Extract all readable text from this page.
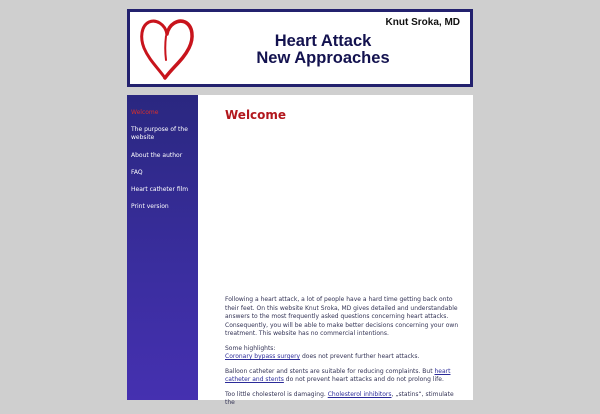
Knut Sroka, MD
Heart Attack
New Approaches
Welcome
The purpose of the website
About the author
FAQ
Heart catheter film
Print version
Welcome

Following a heart attack, a lot of people have a hard time getting back onto their feet. On this website Knut Sroka, MD gives detailed and understandable answers to the most frequently asked questions concerning heart attacks. Consequently, you will be able to make better decisions concerning your own treatment. This website has no commercial intentions.

Some highlights:
Coronary bypass surgery does not prevent further heart attacks.

Balloon catheter and stents are suitable for reducing complaints. But heart catheter and stents do not prevent heart attacks and do not prolong life.

Too little cholesterol is damaging. Cholesterol inhibitors, „statins“, stimulate the
